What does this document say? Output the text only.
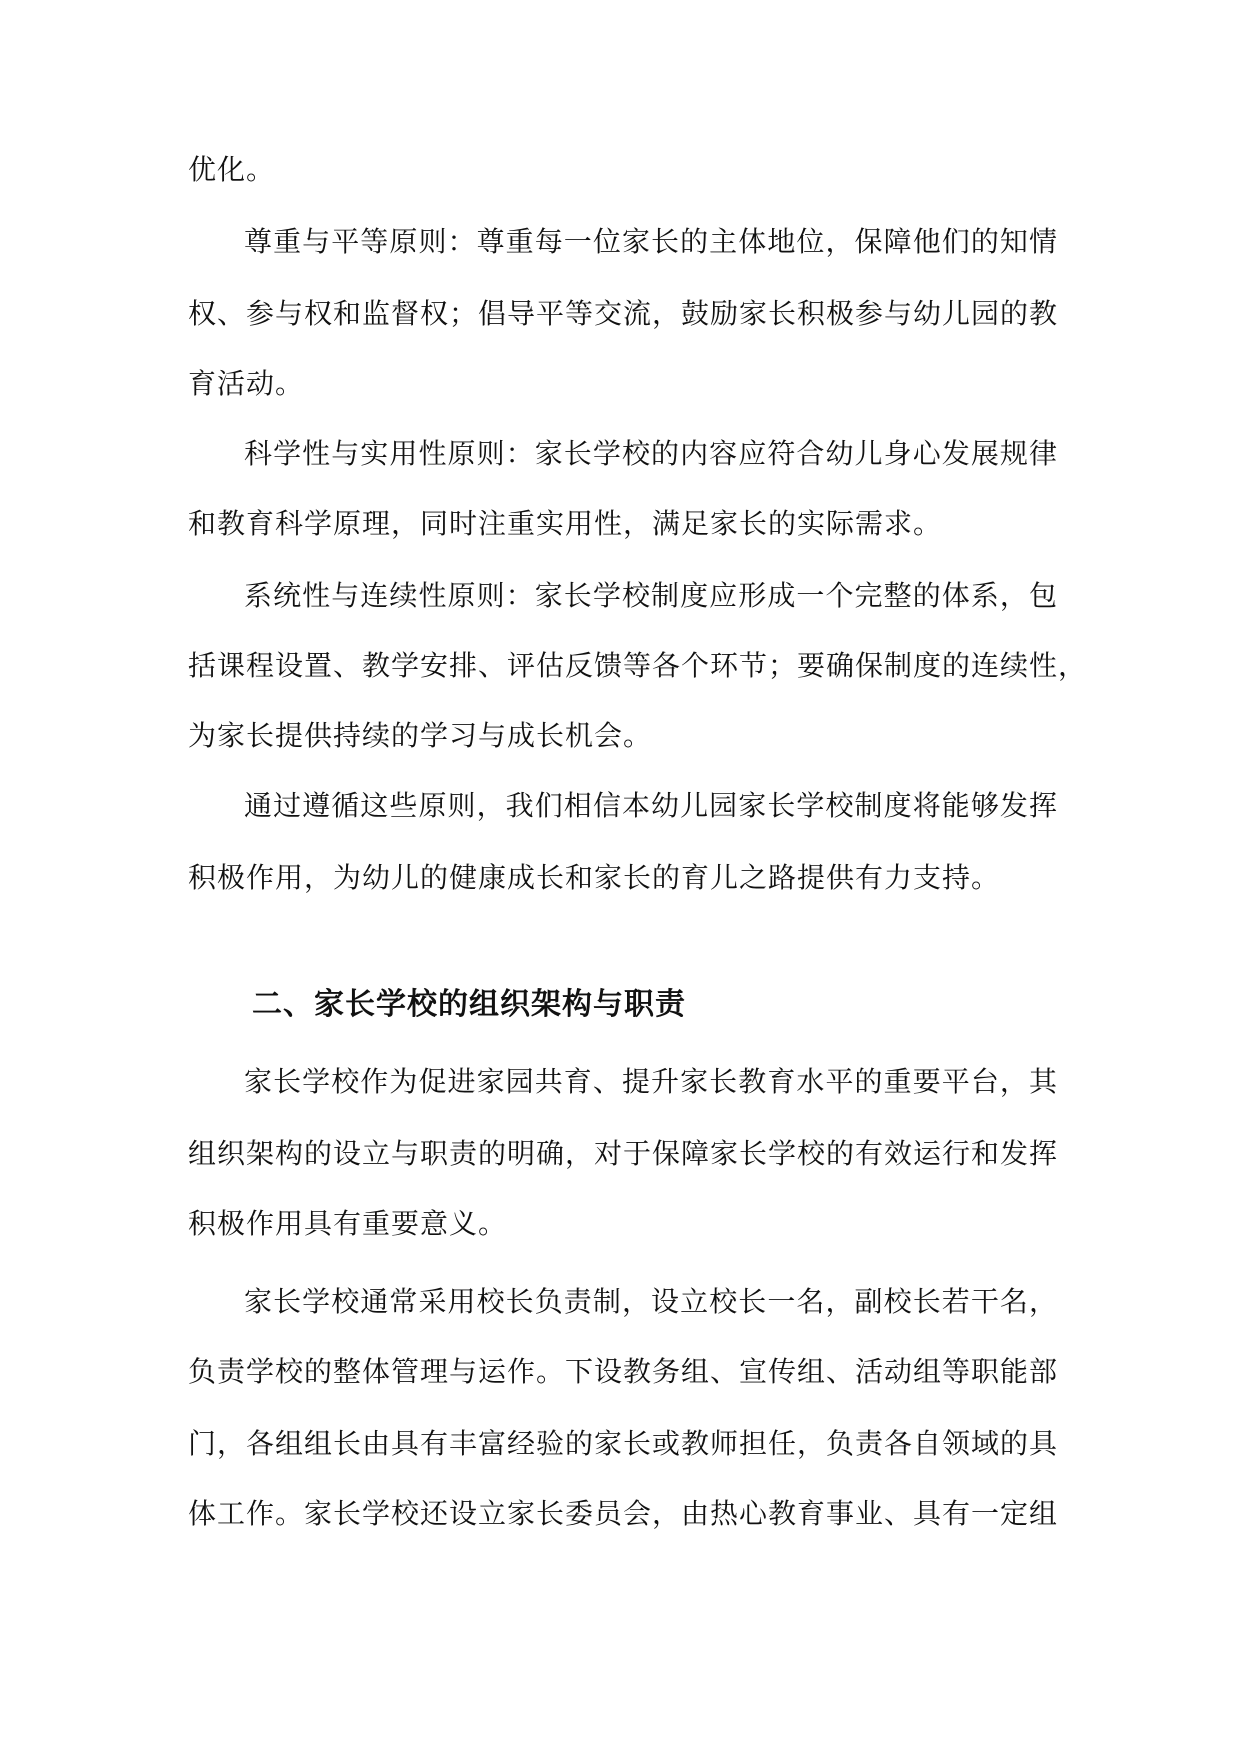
优化。
尊重与平等原则：尊重每一位家长的主体地位，保障他们的知情
权、参与权和监督权；倡导平等交流，鼓励家长积极参与幼儿园的教
育活动。
科学性与实用性原则：家长学校的内容应符合幼儿身心发展规律
和教育科学原理，同时注重实用性，满足家长的实际需求。
系统性与连续性原则：家长学校制度应形成一个完整的体系，包
括课程设置、教学安排、评估反馈等各个环节；要确保制度的连续性，
为家长提供持续的学习与成长机会。
通过遵循这些原则，我们相信本幼儿园家长学校制度将能够发挥
积极作用，为幼儿的健康成长和家长的育儿之路提供有力支持。
二、家长学校的组织架构与职责
家长学校作为促进家园共育、提升家长教育水平的重要平台，其
组织架构的设立与职责的明确，对于保障家长学校的有效运行和发挥
积极作用具有重要意义。
家长学校通常采用校长负责制，设立校长一名，副校长若干名，
负责学校的整体管理与运作。下设教务组、宣传组、活动组等职能部
门，各组组长由具有丰富经验的家长或教师担任，负责各自领域的具
体工作。家长学校还设立家长委员会，由热心教育事业、具有一定组
